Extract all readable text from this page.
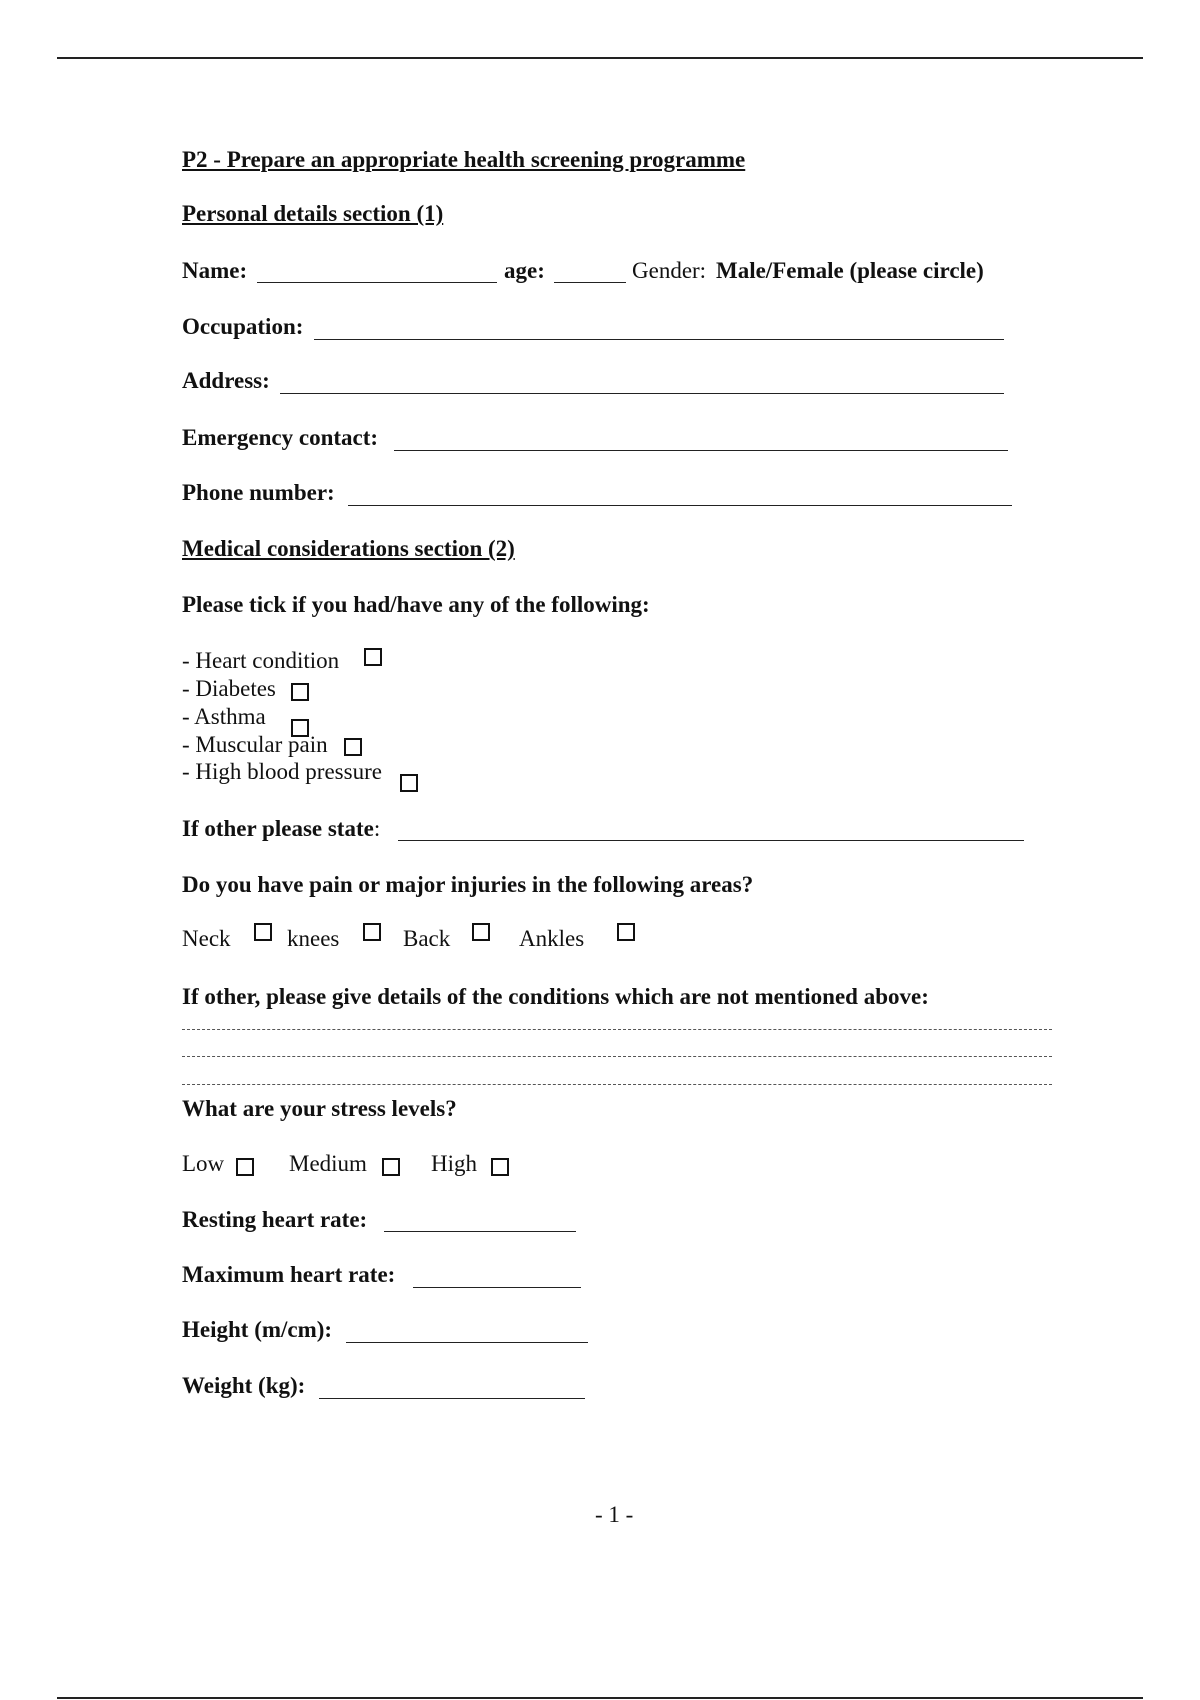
P2 - Prepare an appropriate health screening programme
Personal details section (1)
Name:	age:	Gender: Male/Female (please circle)
Occupation:
Address:
Emergency contact:
Phone number:
Medical considerations section (2)
Please tick if you had/have any of the following:
- Heart condition
- Diabetes
- Asthma
- Muscular pain
- High blood pressure
If other please state:
Do you have pain or major injuries in the following areas?
Neck knees	Back	Ankles
If other, please give details of the conditions which are not mentioned above:
What are your stress levels?
Low	Medium	High
Resting heart rate:
Maximum heart rate:
Height (m/cm):
Weight (kg):
- 1 -
